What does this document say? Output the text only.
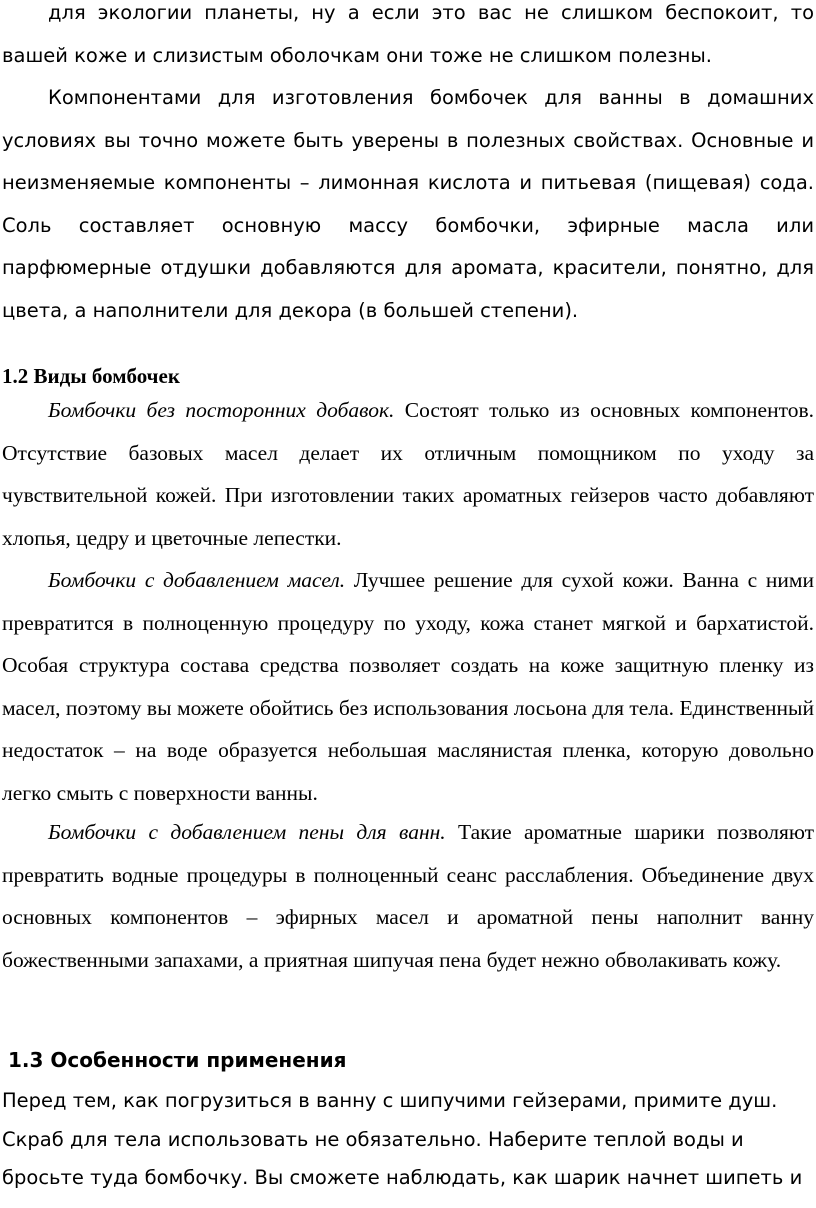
для экологии планеты, ну а если это вас не слишком беспокоит, то вашей коже и слизистым оболочкам они тоже не слишком полезны.

Компонентами для изготовления бомбочек для ванны в домашних условиях вы точно можете быть уверены в полезных свойствах. Основные и неизменяемые компоненты – лимонная кислота и питьевая (пищевая) сода. Соль составляет основную массу бомбочки, эфирные масла или парфюмерные отдушки добавляются для аромата, красители, понятно, для цвета, а наполнители для декора (в большей степени).

1.2 Виды бомбочек

Бомбочки без посторонних добавок. Состоят только из основных компонентов. Отсутствие базовых масел делает их отличным помощником по уходу за чувствительной кожей. При изготовлении таких ароматных гейзеров часто добавляют хлопья, цедру и цветочные лепестки.

Бомбочки с добавлением масел. Лучшее решение для сухой кожи. Ванна с ними превратится в полноценную процедуру по уходу, кожа станет мягкой и бархатистой. Особая структура состава средства позволяет создать на коже защитную пленку из масел, поэтому вы можете обойтись без использования лосьона для тела. Единственный недостаток – на воде образуется небольшая маслянистая пленка, которую довольно легко смыть с поверхности ванны.

Бомбочки с добавлением пены для ванн. Такие ароматные шарики позволяют превратить водные процедуры в полноценный сеанс расслабления. Объединение двух основных компонентов – эфирных масел и ароматной пены наполнит ванну божественными запахами, а приятная шипучая пена будет нежно обволакивать кожу.

1.3 Особенности применения

Перед тем, как погрузиться в ванну с шипучими гейзерами, примите душ.

Скраб для тела использовать не обязательно. Наберите теплой воды и

бросьте туда бомбочку. Вы сможете наблюдать, как шарик начнет шипеть и
